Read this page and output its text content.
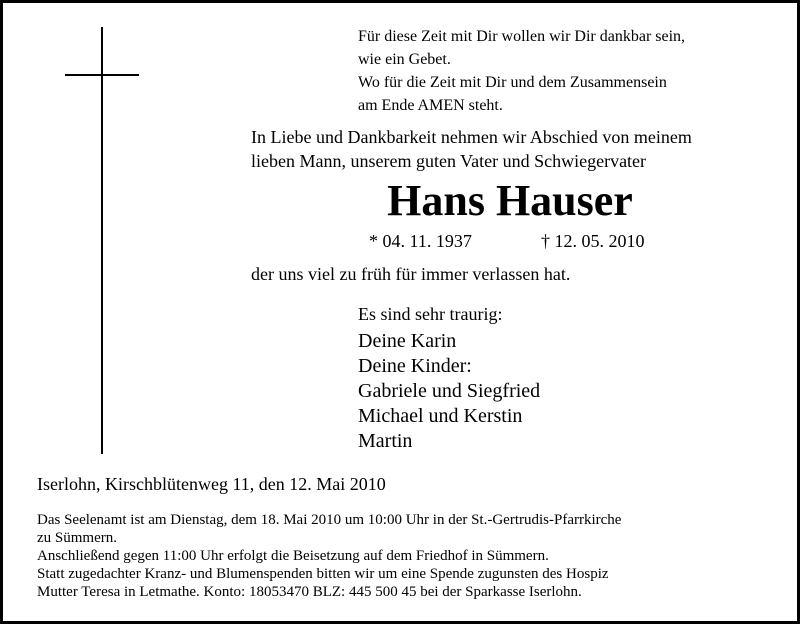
Für diese Zeit mit Dir wollen wir Dir dankbar sein,
wie ein Gebet.
Wo für die Zeit mit Dir und dem Zusammensein
am Ende AMEN steht.
In Liebe und Dankbarkeit nehmen wir Abschied von meinem
lieben Mann, unserem guten Vater und Schwiegervater
Hans Hauser
* 04. 11. 1937	† 12. 05. 2010
der uns viel zu früh für immer verlassen hat.
Es sind sehr traurig:
Deine Karin
Deine Kinder:
Gabriele und Siegfried
Michael und Kerstin
Martin
Iserlohn, Kirschblütenweg 11, den 12. Mai 2010
Das Seelenamt ist am Dienstag, dem 18. Mai 2010 um 10:00 Uhr in der St.-Gertrudis-Pfarrkirche
zu Sümmern.
Anschließend gegen 11:00 Uhr erfolgt die Beisetzung auf dem Friedhof in Sümmern.
Statt zugedachter Kranz- und Blumenspenden bitten wir um eine Spende zugunsten des Hospiz
Mutter Teresa in Letmathe. Konto: 18053470 BLZ: 445 500 45 bei der Sparkasse Iserlohn.
